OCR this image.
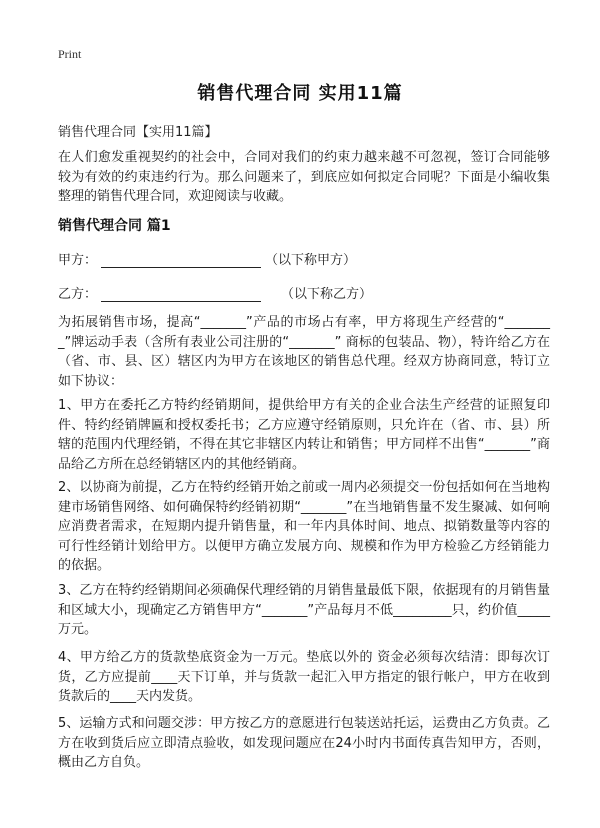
Print
销售代理合同 实用11篇
销售代理合同【实用11篇】
在人们愈发重视契约的社会中，合同对我们的约束力越来越不可忽视，签订合同能够较为有效的约束违约行为。那么问题来了，到底应如何拟定合同呢？下面是小编收集整理的销售代理合同，欢迎阅读与收藏。
销售代理合同 篇1
甲方：	（以下称甲方）
乙方：	（以下称乙方）
为拓展销售市场，提高“_______”产品的市场占有率，甲方将现生产经营的“________”牌运动手表（含所有表业公司注册的“_______” 商标的包装品、物），特许给乙方在 （省、市、县、区）辖区内为甲方在该地区的销售总代理。经双方协商同意，特订立如下协议：
1、甲方在委托乙方特约经销期间，提供给甲方有关的企业合法生产经营的证照复印件、特约经销牌匾和授权委托书；乙方应遵守经销原则，只允许在（省、市、县）所辖的范围内代理经销，不得在其它非辖区内转让和销售；甲方同样不出售“_______”商品给乙方所在总经销辖区内的其他经销商。
2、以协商为前提，乙方在特约经销开始之前或一周内必须提交一份包括如何在当地构建市场销售网络、如何确保特约经销初期“_______”在当地销售量不发生聚减、如何响应消费者需求，在短期内提升销售量，和一年内具体时间、地点、拟销数量等内容的可行性经销计划给甲方。以便甲方确立发展方向、规模和作为甲方检验乙方经销能力的依据。
3、乙方在特约经销期间必须确保代理经销的月销售量最低下限，依据现有的月销售量和区域大小，现确定乙方销售甲方“_______”产品每月不低_________只，约价值_____万元。
4、甲方给乙方的货款垫底资金为一万元。垫底以外的 资金必须每次结清：即每次订货，乙方应提前____天下订单，并与货款一起汇入甲方指定的银行帐户，甲方在收到货款后的____天内发货。
5、运输方式和问题交涉：甲方按乙方的意愿进行包装送站托运，运费由乙方负责。乙方在收到货后应立即清点验收，如发现问题应在24小时内书面传真告知甲方，否则，概由乙方自负。
